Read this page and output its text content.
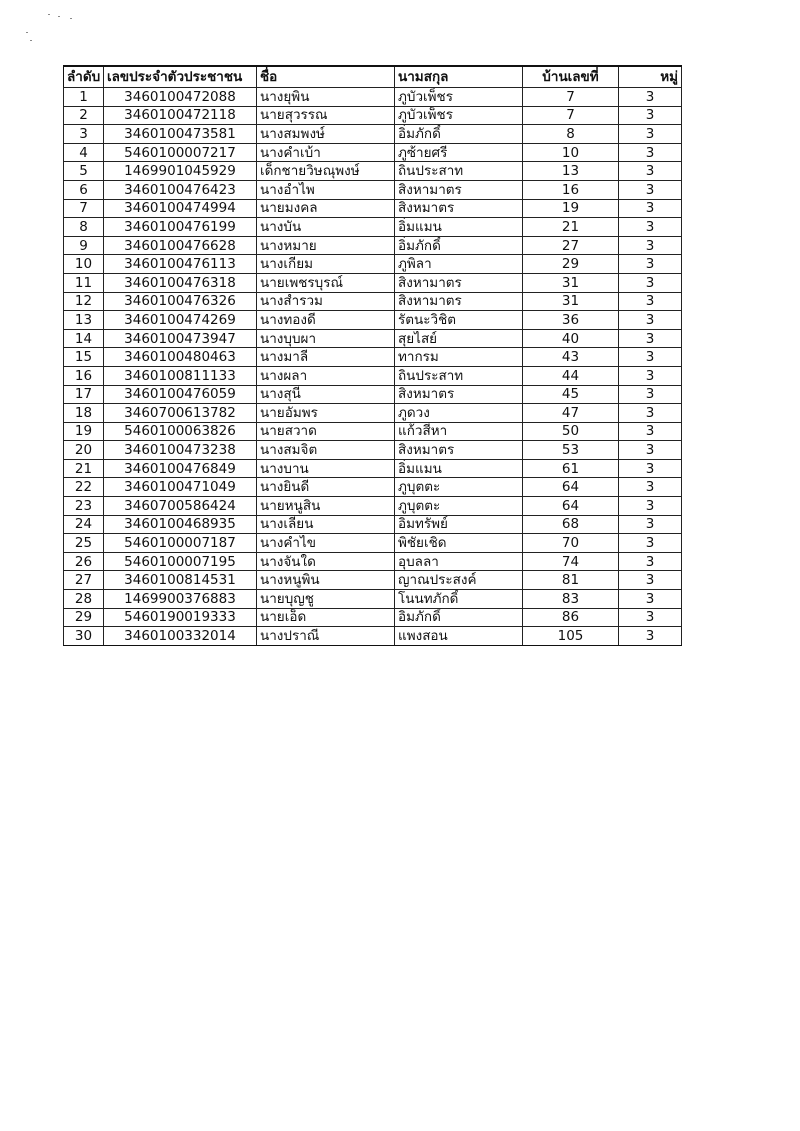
ลำดับ	เลขประจำตัวประชาชน	ชื่อ	นามสกุล	บ้านเลขที่	หมู่
1	3460100472088	นางยุพิน	ภูบัวเพ็ชร	7	3
2	3460100472118	นายสุวรรณ	ภูบัวเพ็ชร	7	3
3	3460100473581	นางสมพงษ์	อิ่มภักดิ์	8	3
4	5460100007217	นางคำเบ้า	ภูซ้ายศรี	10	3
5	1469901045929	เด็กชายวิษณุพงษ์	ถินประสาท	13	3
6	3460100476423	นางอำไพ	สิงหามาตร	16	3
7	3460100474994	นายมงคล	สิงหมาตร	19	3
8	3460100476199	นางบัน	อิ่มแมน	21	3
9	3460100476628	นางหมาย	อิ่มภักดิ์	27	3
10	3460100476113	นางเกียม	ภูพิลา	29	3
11	3460100476318	นายเพชรบุรณ์	สิงหามาตร	31	3
12	3460100476326	นางสำรวม	สิงหามาตร	31	3
13	3460100474269	นางทองดี	รัตนะวิชิต	36	3
14	3460100473947	นางบุบผา	สุยไสย์	40	3
15	3460100480463	นางมาลี	ทากรม	43	3
16	3460100811133	นางผลา	ถินประสาท	44	3
17	3460100476059	นางสุนี	สิงหมาตร	45	3
18	3460700613782	นายอัมพร	ภูดวง	47	3
19	5460100063826	นายสวาด	แก้วสีหา	50	3
20	3460100473238	นางสมจิต	สิงหมาตร	53	3
21	3460100476849	นางบาน	อิ่มแมน	61	3
22	3460100471049	นางยินดี	ภูบุตตะ	64	3
23	3460700586424	นายหนูสิน	ภูบุตตะ	64	3
24	3460100468935	นางเลียน	อิ่มทรัพย์	68	3
25	5460100007187	นางคำไข	พิชัยเชิด	70	3
26	5460100007195	นางจันใด	อุบลลา	74	3
27	3460100814531	นางหนูพิน	ญาณประสงค์	81	3
28	1469900376883	นายบุญชู	โนนทภักดิ์	83	3
29	5460190019333	นายเอ็ด	อิ่มภักดิ์	86	3
30	3460100332014	นางปราณี	แพงสอน	105	3
